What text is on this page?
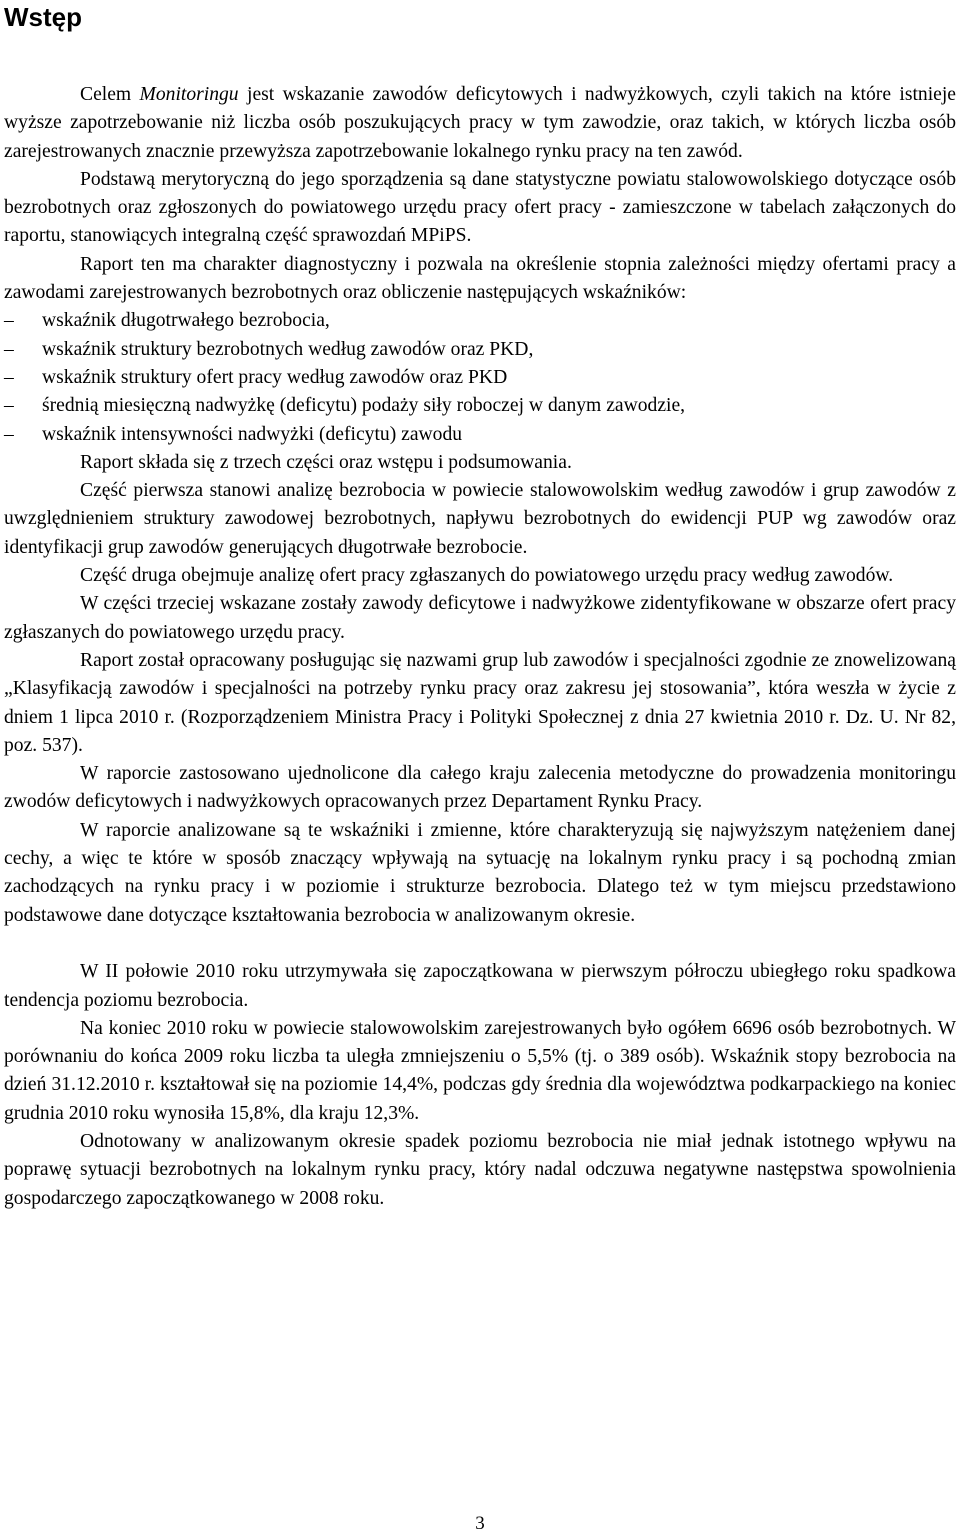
Wstęp

Celem Monitoringu jest wskazanie zawodów deficytowych i nadwyżkowych, czyli takich na które istnieje wyższe zapotrzebowanie niż liczba osób poszukujących pracy w tym zawodzie, oraz takich, w których liczba osób zarejestrowanych znacznie przewyższa zapotrzebowanie lokalnego rynku pracy na ten zawód.

Podstawą merytoryczną do jego sporządzenia są dane statystyczne powiatu stalowowolskiego dotyczące osób bezrobotnych oraz zgłoszonych do powiatowego urzędu pracy ofert pracy - zamieszczone w tabelach załączonych do raportu, stanowiących integralną część sprawozdań MPiPS.

Raport ten ma charakter diagnostyczny i pozwala na określenie stopnia zależności między ofertami pracy a zawodami zarejestrowanych bezrobotnych oraz obliczenie następujących wskaźników:

– wskaźnik długotrwałego bezrobocia,
– wskaźnik struktury bezrobotnych według zawodów oraz PKD,
– wskaźnik struktury ofert pracy według zawodów oraz PKD
– średnią miesięczną nadwyżkę (deficytu) podaży siły roboczej w danym zawodzie,
– wskaźnik intensywności nadwyżki (deficytu) zawodu

Raport składa się z trzech części oraz wstępu i podsumowania.

Część pierwsza stanowi analizę bezrobocia w powiecie stalowowolskim według zawodów i grup zawodów z uwzględnieniem struktury zawodowej bezrobotnych, napływu bezrobotnych do ewidencji PUP wg zawodów oraz identyfikacji grup zawodów generujących długotrwałe bezrobocie.

Część druga obejmuje analizę ofert pracy zgłaszanych do powiatowego urzędu pracy według zawodów.

W części trzeciej wskazane zostały zawody deficytowe i nadwyżkowe zidentyfikowane w obszarze ofert pracy zgłaszanych do powiatowego urzędu pracy.

Raport został opracowany posługując się nazwami grup lub zawodów i specjalności zgodnie ze znowelizowaną „Klasyfikacją zawodów i specjalności na potrzeby rynku pracy oraz zakresu jej stosowania”, która weszła w życie z dniem 1 lipca 2010 r. (Rozporządzeniem Ministra Pracy i Polityki Społecznej z dnia 27 kwietnia 2010 r. Dz. U. Nr 82, poz. 537).

W raporcie zastosowano ujednolicone dla całego kraju zalecenia metodyczne do prowadzenia monitoringu zwodów deficytowych i nadwyżkowych opracowanych przez Departament Rynku Pracy.

W raporcie analizowane są te wskaźniki i zmienne, które charakteryzują się najwyższym natężeniem danej cechy, a więc te które w sposób znaczący wpływają na sytuację na lokalnym rynku pracy i są pochodną zmian zachodzących na rynku pracy i w poziomie i strukturze bezrobocia. Dlatego też w tym miejscu przedstawiono podstawowe dane dotyczące kształtowania bezrobocia w analizowanym okresie.

W II połowie 2010 roku utrzymywała się zapoczątkowana w pierwszym półroczu ubiegłego roku spadkowa tendencja poziomu bezrobocia.

Na koniec 2010 roku w powiecie stalowowolskim zarejestrowanych było ogółem 6696 osób bezrobotnych. W porównaniu do końca 2009 roku liczba ta uległa zmniejszeniu o 5,5% (tj. o 389 osób). Wskaźnik stopy bezrobocia na dzień 31.12.2010 r. kształtował się na poziomie 14,4%, podczas gdy średnia dla województwa podkarpackiego na koniec grudnia 2010 roku wynosiła 15,8%, dla kraju 12,3%.

Odnotowany w analizowanym okresie spadek poziomu bezrobocia nie miał jednak istotnego wpływu na poprawę sytuacji bezrobotnych na lokalnym rynku pracy, który nadal odczuwa negatywne następstwa spowolnienia gospodarczego zapoczątkowanego w 2008 roku.

3
